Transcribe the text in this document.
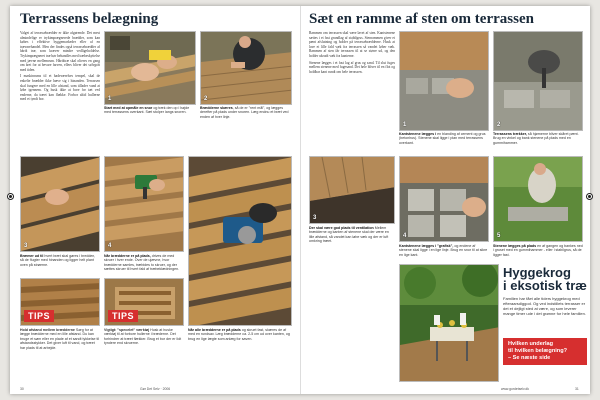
Terrassens belægning

Valget af terrassebrædder er ikke afgørende. Det mest almindelige er trykimprægnerede brædder, som kan købes i effektive byggemarkeder eller af en trævarehandel. Men der findes også terrassebrædder af hårdt træ, som kræver mindre vedligeholdelse. Trykimprægneret træ bør behandles med træbeskyttelse med jævne mellemrum. Hårdttræ skal olieres en gang om året for at bevare farven, ellers bliver det sølvgråt med tiden.

I maskinrums til et badeværelses tempel, skal de enkelte brædder ikke hæve sig i hinanden. Terrassen skal fungere med en lille afstand, som tillader vand at løbe igennem. Og husk ikke at bore for tæt ved enderne, da træet kan flække. Forbor altid hullerne med et tyndt bor.	1
Start med at opmåle en snor og træk den op i højde med terrassens overkant. Sæt stolper langs snoren.
2
Brædderne skæres, så de er "rent mål", og lægges derefter på plads under snoren. Læg endnu et bræt ved enden af hver linje.
3
Bræmer ud til hvert bræt skal gøres i bredden, så de flugter med hinanden og ligger helt plant oven på strøerne.
4
Når brædderne er på plads, drives de med skruer i hver ende. Over de ujævne, hvor brædderne samles, træbides to skruer, og der sættes skruer til hvert fald af træbeklædningen.
TIPS
Hold afstand mellem brædderne Sørg for at lægge brædderne med en lille afstand. Du kan bruge et søm eller en plade af et sandt tykkelse til afstandsstykker. Det giver luft til vand, og træet har plads til at arbejde.
TIPS
Vigtigt: "specelet" værktøj Husk at huske værktøj til at forbore hullerne i bræderne. Det forhindrer at træet flækker. Brug et bor der er lidt tyndere end skruerne.
Når alle brædderne er på plads og skruet fast, skæres de af med en rundsav. Læg brædderne ca. 2-5 cm ud over kanten, og brug en lige lægte som anlæg for saven.
30	Gør Det Selv · 2006
Sæt en ramme af sten om terrassen

Rammen om terrassen skal være lavet af sten. Kantstenene sættes i et fast grundlag af stabilgrus. Stenrammen giver et pænt afslutning og holder på terrassebrædderne. Husk at lave et lille fald væk fra terrassen så vandet løber væk. Rammen af sten får terrassen til at se større ud, og den holder ukrudt væk fra kanterne.

Stenene lægges i et fast lag af grus og sand. Til slut fuges mellem stenene med fugesand. Det hele bliver til en flot og holdbar kant rundt om hele terrassen.

1
Kantstenene lægges i en blanding af cement og grus (betonhus). Stenene skal ligge i plan med terrassens overkant.
2
Terrassens trækker, så hjørnerne bliver skåret pænt. Brug en vinkel og bank stenene på plads med en gummihammer.
3
Der skal være god plads til ventilation Mellem brædderne og kanten af stenene skal der være en lille afstand, så vandet kan løbe væk og der er luft omkring træet.
4
Kantstenene lægges i "grafisk", og endene af stenene skal ligge i en lige linje. Brug en snor til at sikre en lige kant.
5
Stenene lægges på plads en af gangen og bankes ned i gruset med en gummihammer - eller i stabilgrus, så de ligger fast.
Hyggekrog
i eksotisk træ
Familien har fået alle tiders hyggekrog med efteraarsdiggod. Og ved indstillets terrasser er det et dejligt sted at være, og som leverer mange timer ude i det grønne for hele familien.
Hvilken underlag
til hvilken belægning?
– Se næste side
www.gordetselv.dk	31
